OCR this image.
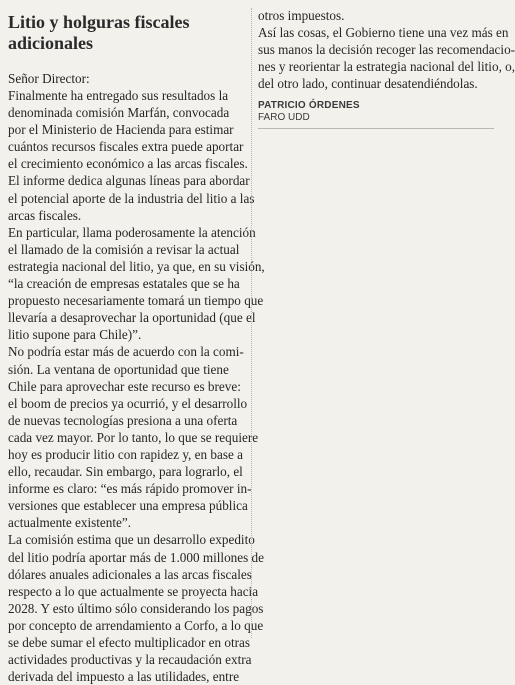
Litio y holguras fiscales
adicionales

Señor Director:

Finalmente ha entregado sus resultados la
denominada comisión Marfán, convocada
por el Ministerio de Hacienda para estimar
cuántos recursos fiscales extra puede aportar
el crecimiento económico a las arcas fiscales.
El informe dedica algunas líneas para abordar
el potencial aporte de la industria del litio a las
arcas fiscales.

En particular, llama poderosamente la atención
el llamado de la comisión a revisar la actual
estrategia nacional del litio, ya que, en su visión,
“la creación de empresas estatales que se ha
propuesto necesariamente tomará un tiempo que
llevaría a desaprovechar la oportunidad (que el
litio supone para Chile)”.

No podría estar más de acuerdo con la comi-
sión. La ventana de oportunidad que tiene
Chile para aprovechar este recurso es breve:
el boom de precios ya ocurrió, y el desarrollo
de nuevas tecnologías presiona a una oferta
cada vez mayor. Por lo tanto, lo que se requiere
hoy es producir litio con rapidez y, en base a
ello, recaudar. Sin embargo, para lograrlo, el
informe es claro: “es más rápido promover in-
versiones que establecer una empresa pública
actualmente existente”.

La comisión estima que un desarrollo expedito
del litio podría aportar más de 1.000 millones de
dólares anuales adicionales a las arcas fiscales
respecto a lo que actualmente se proyecta hacia
2028. Y esto último sólo considerando los pagos
por concepto de arrendamiento a Corfo, a lo que
se debe sumar el efecto multiplicador en otras
actividades productivas y la recaudación extra
derivada del impuesto a las utilidades, entre

otros impuestos.

Así las cosas, el Gobierno tiene una vez más en
sus manos la decisión recoger las recomendacio-
nes y reorientar la estrategia nacional del litio, o,
del otro lado, continuar desatendiéndolas.

PATRICIO ÓRDENES
FARO UDD
